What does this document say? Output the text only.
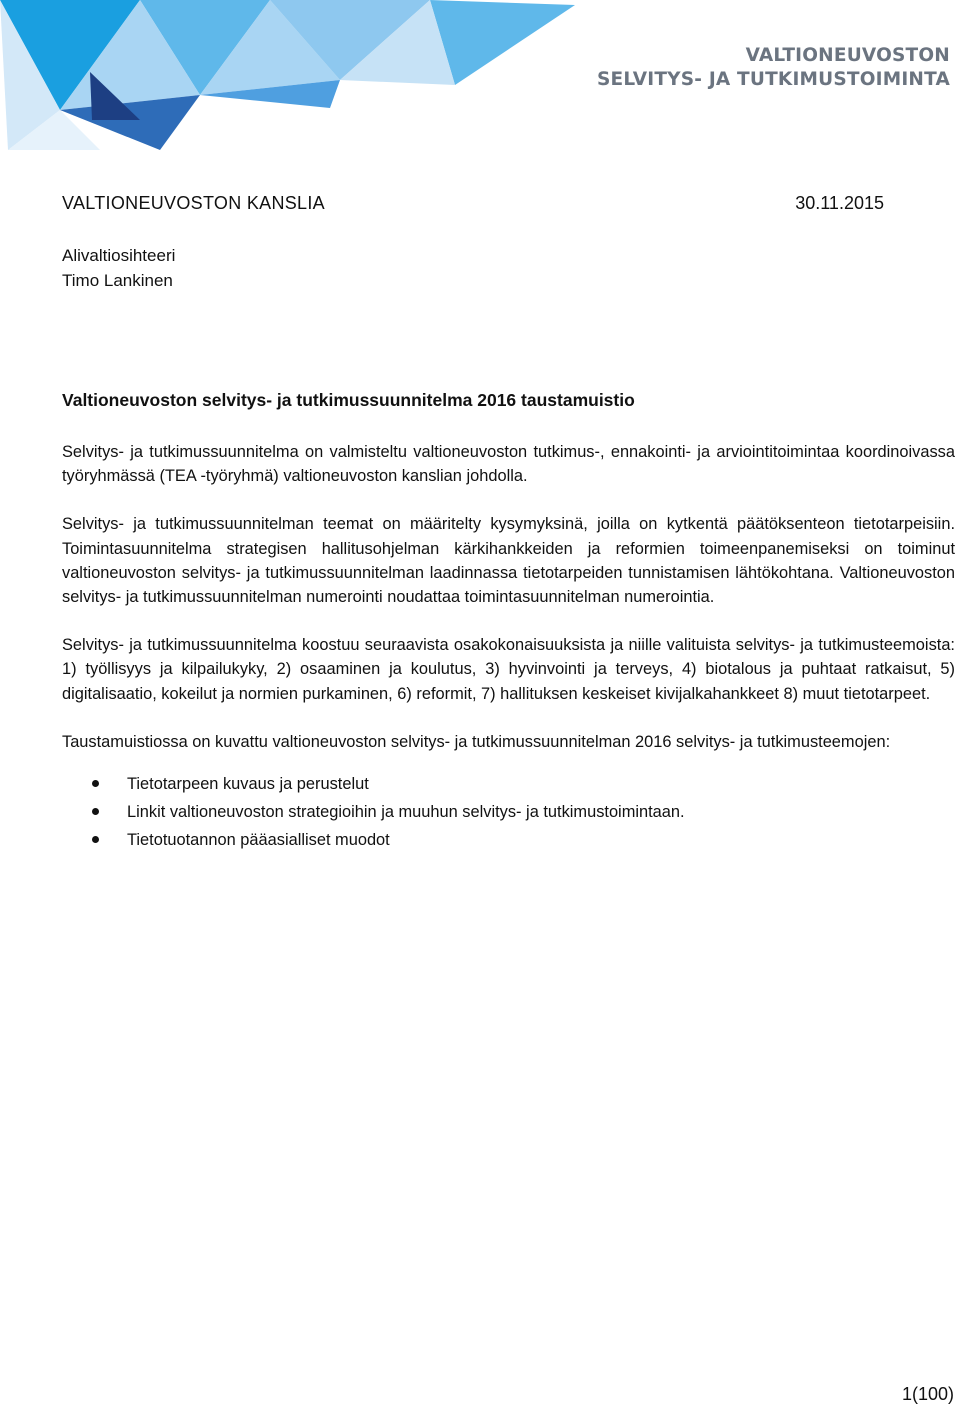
VALTIONEUVOSTON
SELVITYS- JA TUTKIMUSTOIMINTA
VALTIONEUVOSTON KANSLIA	30.11.2015
Alivaltiosihteeri
Timo Lankinen
Valtioneuvoston selvitys- ja tutkimussuunnitelma 2016 taustamuistio

Selvitys- ja tutkimussuunnitelma on valmisteltu valtioneuvoston tutkimus-, ennakointi- ja arviointitoimintaa koordinoivassa työryhmässä (TEA -työryhmä) valtioneuvoston kanslian johdolla.

Selvitys- ja tutkimussuunnitelman teemat on määritelty kysymyksinä, joilla on kytkentä päätöksenteon tietotarpeisiin. Toimintasuunnitelma strategisen hallitusohjelman kärkihankkeiden ja reformien toimeenpanemiseksi on toiminut valtioneuvoston selvitys- ja tutkimussuunnitelman laadinnassa tietotarpeiden tunnistamisen lähtökohtana. Valtioneuvoston selvitys- ja tutkimussuunnitelman numerointi noudattaa toimintasuunnitelman numerointia.

Selvitys- ja tutkimussuunnitelma koostuu seuraavista osakokonaisuuksista ja niille valituista selvitys- ja tutkimusteemoista: 1) työllisyys ja kilpailukyky, 2) osaaminen ja koulutus, 3) hyvinvointi ja terveys, 4) biotalous ja puhtaat ratkaisut, 5) digitalisaatio, kokeilut ja normien purkaminen, 6) reformit, 7) hallituksen keskeiset kivijalkahankkeet 8) muut tietotarpeet.

Taustamuistiossa on kuvattu valtioneuvoston selvitys- ja tutkimussuunnitelman 2016 selvitys- ja tutkimusteemojen:

Tietotarpeen kuvaus ja perustelut
Linkit valtioneuvoston strategioihin ja muuhun selvitys- ja tutkimustoimintaan.
Tietotuotannon pääasialliset muodot
1(100)
